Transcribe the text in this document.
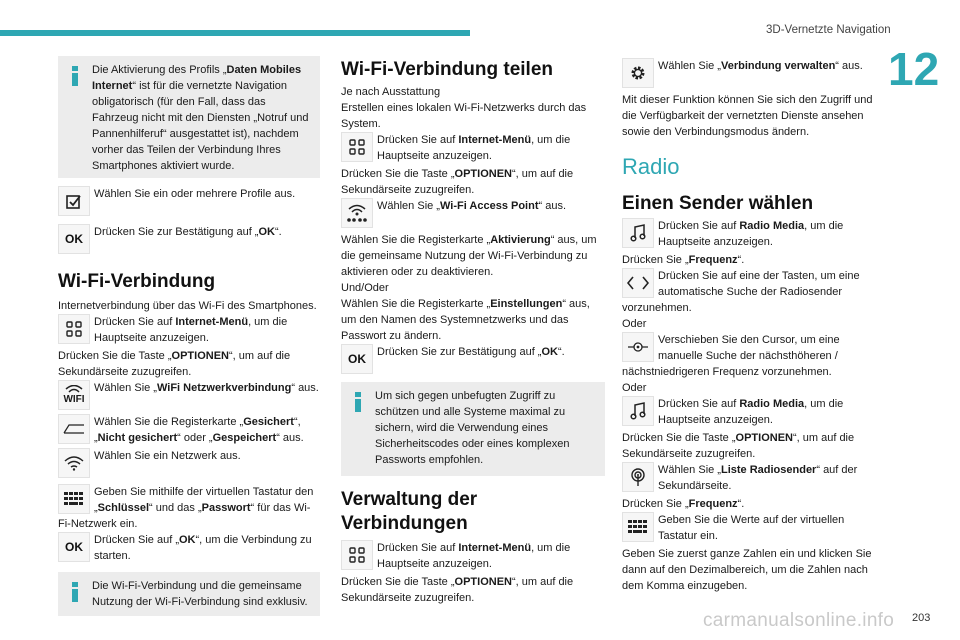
3D-Vernetzte Navigation
12

Die Aktivierung des Profils „Daten Mobiles Internet“ ist für die vernetzte Navigation obligatorisch (für den Fall, dass das Fahrzeug nicht mit den Diensten „Notruf und Pannenhilferuf“ ausgestattet ist), nachdem vorher das Teilen der Verbindung Ihres Smartphones aktiviert wurde.

Wählen Sie ein oder mehrere Profile aus.

OK	Drücken Sie zur Bestätigung auf „OK“.

Wi-Fi-Verbindung

Internetverbindung über das Wi-Fi des Smartphones.

Drücken Sie auf Internet-Menü, um die Hauptseite anzuzeigen.

Drücken Sie die Taste „OPTIONEN“, um auf die Sekundärseite zuzugreifen.

WIFI

Wählen Sie „WiFi Netzwerkverbindung“ aus.

Wählen Sie die Registerkarte „Gesichert“, „Nicht gesichert“ oder „Gespeichert“ aus.

Wählen Sie ein Netzwerk aus.

Geben Sie mithilfe der virtuellen Tastatur den „Schlüssel“ und das „Passwort“ für das Wi-Fi-Netzwerk ein.

OK	Drücken Sie auf „OK“, um die Verbindung zu starten.

Die Wi-Fi-Verbindung und die gemeinsame Nutzung der Wi-Fi-Verbindung sind exklusiv.

Wi-Fi-Verbindung teilen

Je nach Ausstattung

Erstellen eines lokalen Wi-Fi-Netzwerks durch das System.

Drücken Sie auf Internet-Menü, um die Hauptseite anzuzeigen.

Drücken Sie die Taste „OPTIONEN“, um auf die Sekundärseite zuzugreifen.

Wählen Sie „Wi-Fi Access Point“ aus.

Wählen Sie die Registerkarte „Aktivierung“ aus, um die gemeinsame Nutzung der Wi-Fi-Verbindung zu aktivieren oder zu deaktivieren.

Und/Oder

Wählen Sie die Registerkarte „Einstellungen“ aus, um den Namen des Systemnetzwerks und das Passwort zu ändern.

OK	Drücken Sie zur Bestätigung auf „OK“.

Um sich gegen unbefugten Zugriff zu schützen und alle Systeme maximal zu sichern, wird die Verwendung eines Sicherheitscodes oder eines komplexen Passworts empfohlen.

Verwaltung der Verbindungen

Drücken Sie auf Internet-Menü, um die Hauptseite anzuzeigen.

Drücken Sie die Taste „OPTIONEN“, um auf die Sekundärseite zuzugreifen.

Wählen Sie „Verbindung verwalten“ aus.

Mit dieser Funktion können Sie sich den Zugriff und die Verfügbarkeit der vernetzten Dienste ansehen sowie den Verbindungsmodus ändern.

Radio
Einen Sender wählen

Drücken Sie auf Radio Media, um die Hauptseite anzuzeigen.

Drücken Sie „Frequenz“.

Drücken Sie auf eine der Tasten, um eine automatische Suche der Radiosender vorzunehmen.

Oder

Verschieben Sie den Cursor, um eine manuelle Suche der nächsthöheren / nächstniedrigeren Frequenz vorzunehmen.

Oder

Drücken Sie auf Radio Media, um die Hauptseite anzuzeigen.

Drücken Sie die Taste „OPTIONEN“, um auf die Sekundärseite zuzugreifen.

Wählen Sie „Liste Radiosender“ auf der Sekundärseite.

Drücken Sie „Frequenz“.

Geben Sie die Werte auf der virtuellen Tastatur ein.

Geben Sie zuerst ganze Zahlen ein und klicken Sie dann auf den Dezimalbereich, um die Zahlen nach dem Komma einzugeben.

carmanualsonline.info 203
